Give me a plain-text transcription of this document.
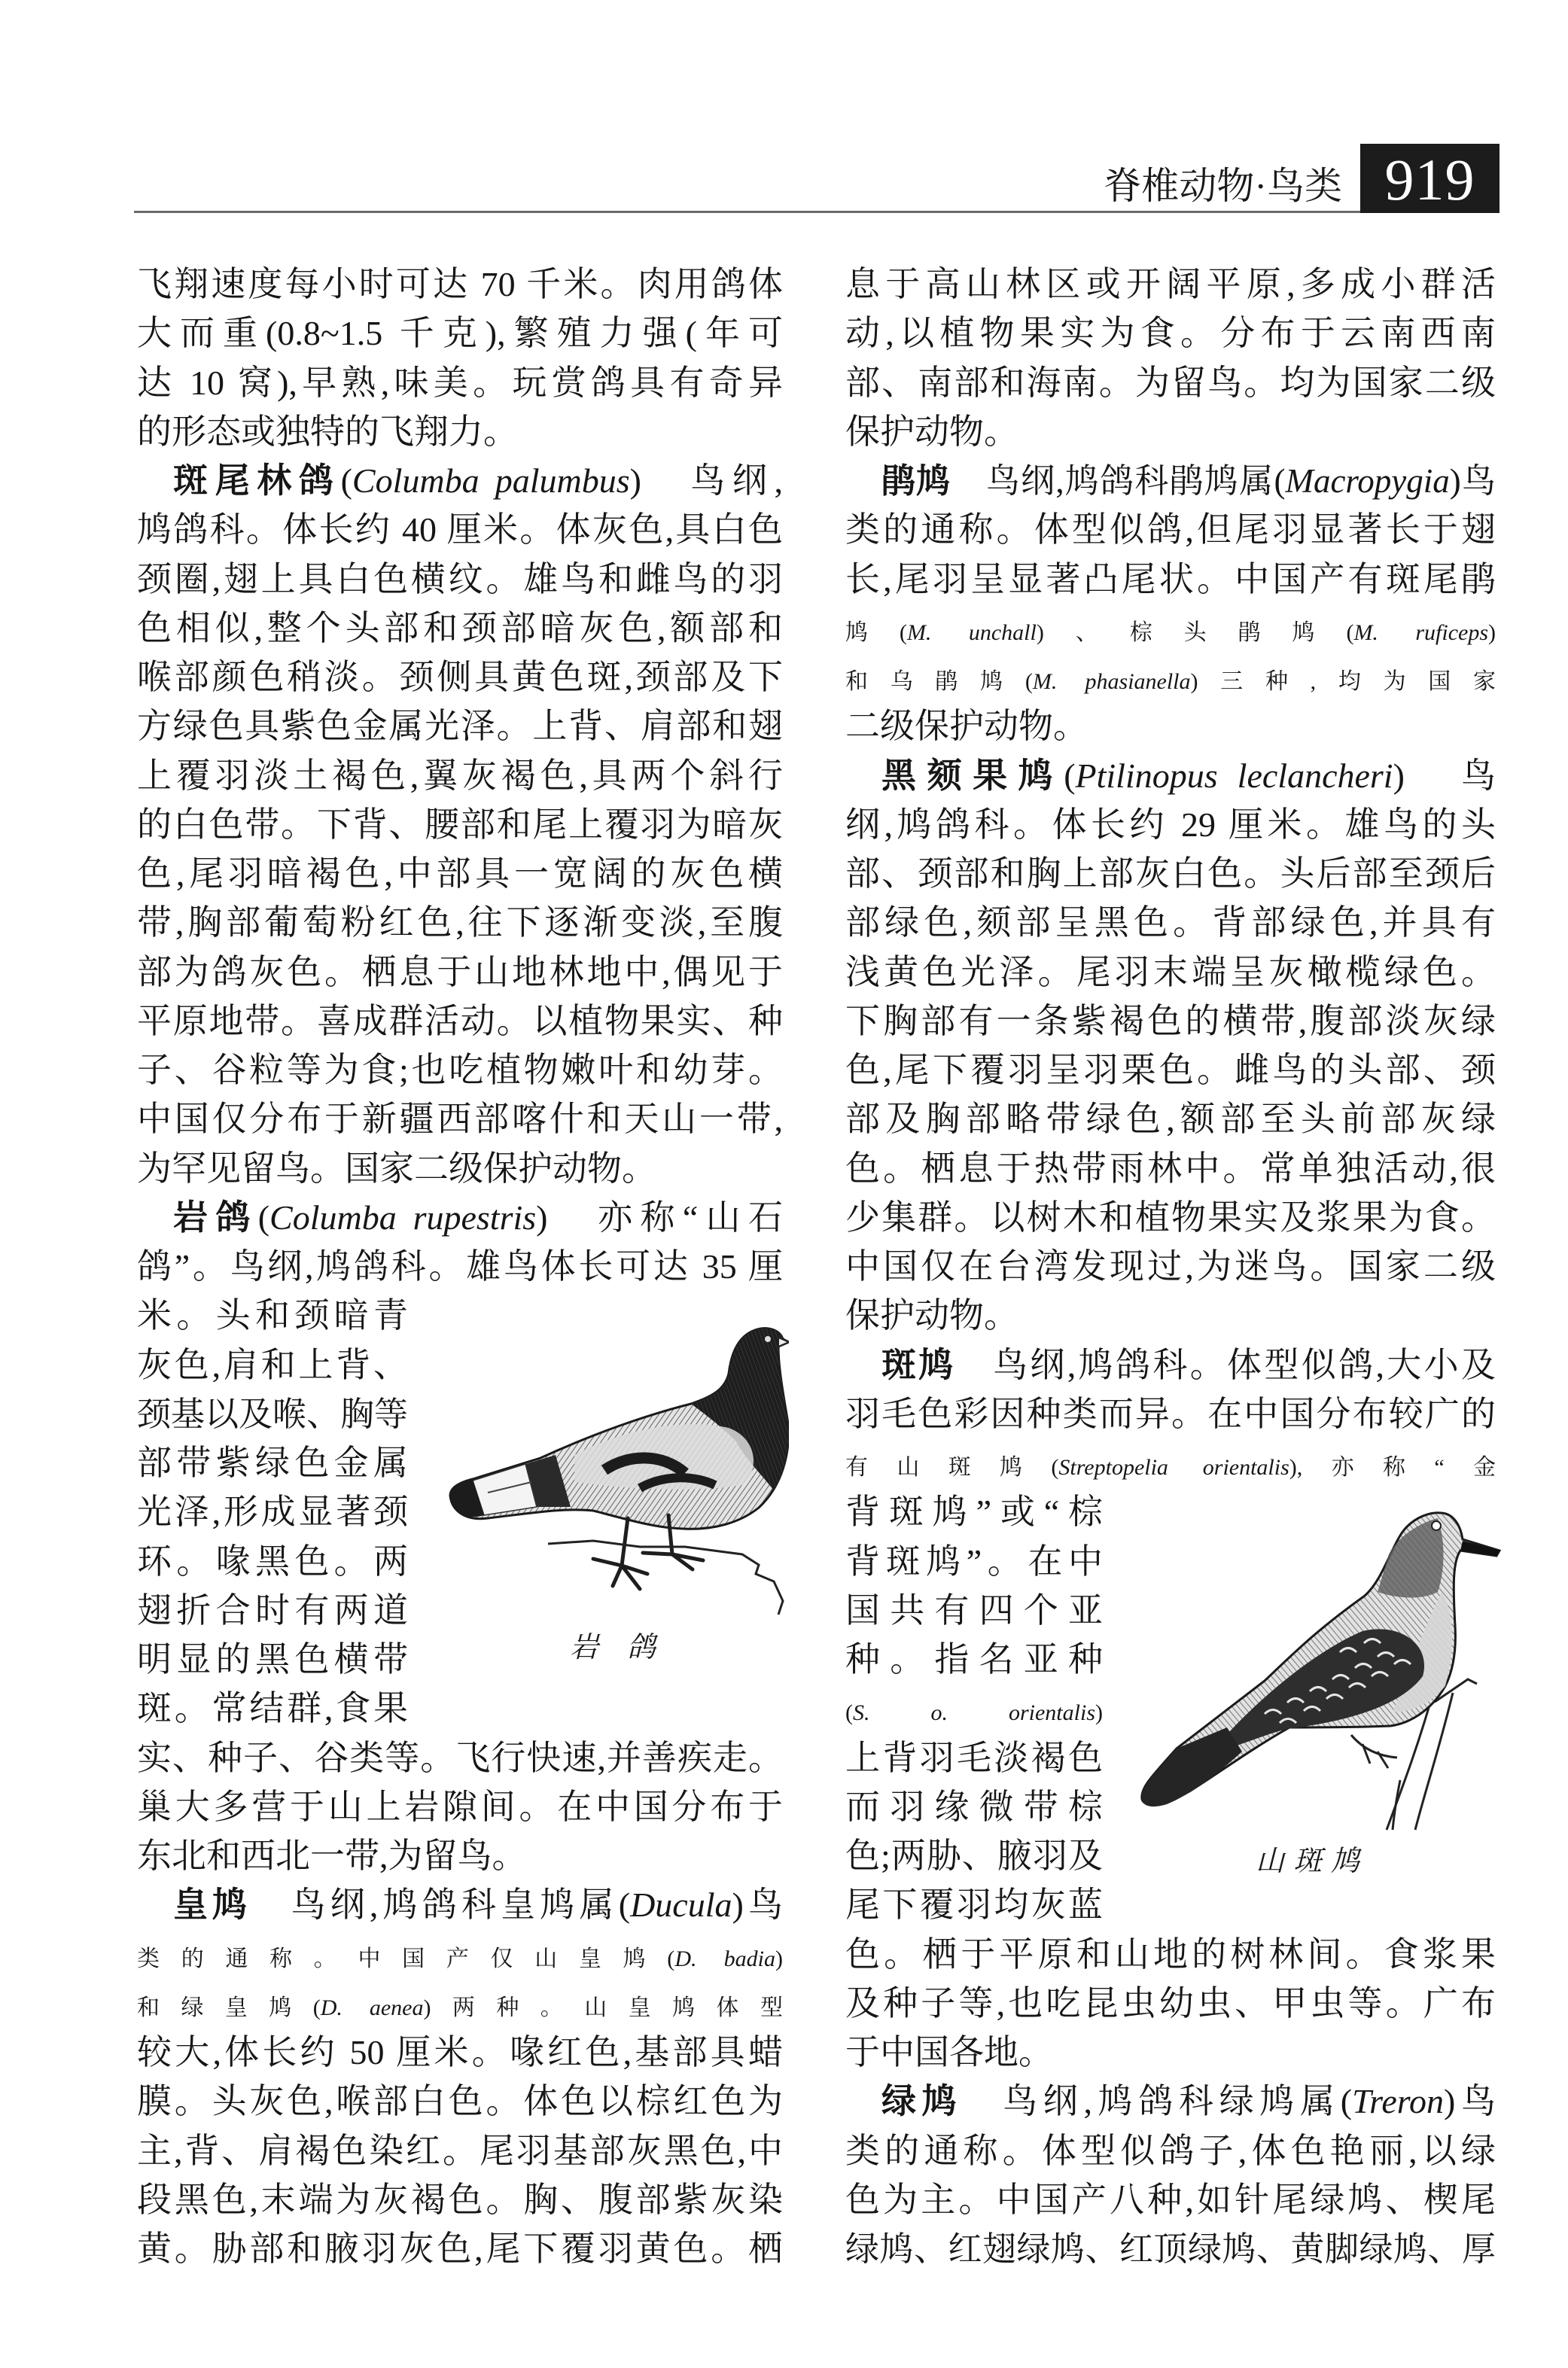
脊椎动物·鸟类 919
飞翔速度每小时可达 70 千米。肉用鸽体
大而重(0.8~1.5 千克),繁殖力强(年可
达 10 窝),早熟,味美。玩赏鸽具有奇异
的形态或独特的飞翔力。
斑尾林鸽(Columba palumbus)　鸟纲,
鸠鸽科。体长约 40 厘米。体灰色,具白色
颈圈,翅上具白色横纹。雄鸟和雌鸟的羽
色相似,整个头部和颈部暗灰色,额部和
喉部颜色稍淡。颈侧具黄色斑,颈部及下
方绿色具紫色金属光泽。上背、肩部和翅
上覆羽淡土褐色,翼灰褐色,具两个斜行
的白色带。下背、腰部和尾上覆羽为暗灰
色,尾羽暗褐色,中部具一宽阔的灰色横
带,胸部葡萄粉红色,往下逐渐变淡,至腹
部为鸽灰色。栖息于山地林地中,偶见于
平原地带。喜成群活动。以植物果实、种
子、谷粒等为食;也吃植物嫩叶和幼芽。
中国仅分布于新疆西部喀什和天山一带,
为罕见留鸟。国家二级保护动物。
岩鸽(Columba rupestris)　亦称“山石
鸽”。鸟纲,鸠鸽科。雄鸟体长可达 35 厘
米。头和颈暗青
灰色,肩和上背、
颈基以及喉、胸等
部带紫绿色金属
光泽,形成显著颈
环。喙黑色。两
翅折合时有两道
明显的黑色横带
斑。常结群,食果
实、种子、谷类等。飞行快速,并善疾走。
巢大多营于山上岩隙间。在中国分布于
东北和西北一带,为留鸟。
皇鸠　鸟纲,鸠鸽科皇鸠属(Ducula)鸟
类的通称。中国产仅山皇鸠(D. badia)
和绿皇鸠(D. aenea)两种。山皇鸠体型
较大,体长约 50 厘米。喙红色,基部具蜡
膜。头灰色,喉部白色。体色以棕红色为
主,背、肩褐色染红。尾羽基部灰黑色,中
段黑色,末端为灰褐色。胸、腹部紫灰染
黄。胁部和腋羽灰色,尾下覆羽黄色。栖
息于高山林区或开阔平原,多成小群活
动,以植物果实为食。分布于云南西南
部、南部和海南。为留鸟。均为国家二级
保护动物。
鹃鸠　鸟纲,鸠鸽科鹃鸠属(Macropygia)鸟
类的通称。体型似鸽,但尾羽显著长于翅
长,尾羽呈显著凸尾状。中国产有斑尾鹃
鸠(M. unchall)、棕头鹃鸠(M. ruficeps)
和乌鹃鸠(M. phasianella)三种,均为国家
二级保护动物。
黑颏果鸠(Ptilinopus leclancheri)　鸟
纲,鸠鸽科。体长约 29 厘米。雄鸟的头
部、颈部和胸上部灰白色。头后部至颈后
部绿色,颏部呈黑色。背部绿色,并具有
浅黄色光泽。尾羽末端呈灰橄榄绿色。
下胸部有一条紫褐色的横带,腹部淡灰绿
色,尾下覆羽呈羽栗色。雌鸟的头部、颈
部及胸部略带绿色,额部至头前部灰绿
色。栖息于热带雨林中。常单独活动,很
少集群。以树木和植物果实及浆果为食。
中国仅在台湾发现过,为迷鸟。国家二级
保护动物。
斑鸠　鸟纲,鸠鸽科。体型似鸽,大小及
羽毛色彩因种类而异。在中国分布较广的
有山斑鸠(Streptopelia orientalis),亦称“金
背斑鸠”或“棕
背斑鸠”。在中
国共有四个亚
种。指名亚种
(S. o. orientalis)
上背羽毛淡褐色
而羽缘微带棕
色;两胁、腋羽及
尾下覆羽均灰蓝
色。栖于平原和山地的树林间。食浆果
及种子等,也吃昆虫幼虫、甲虫等。广布
于中国各地。
绿鸠　鸟纲,鸠鸽科绿鸠属(Treron)鸟
类的通称。体型似鸽子,体色艳丽,以绿
色为主。中国产八种,如针尾绿鸠、楔尾
绿鸠、红翅绿鸠、红顶绿鸠、黄脚绿鸠、厚
岩　鸽
山 斑 鸠
